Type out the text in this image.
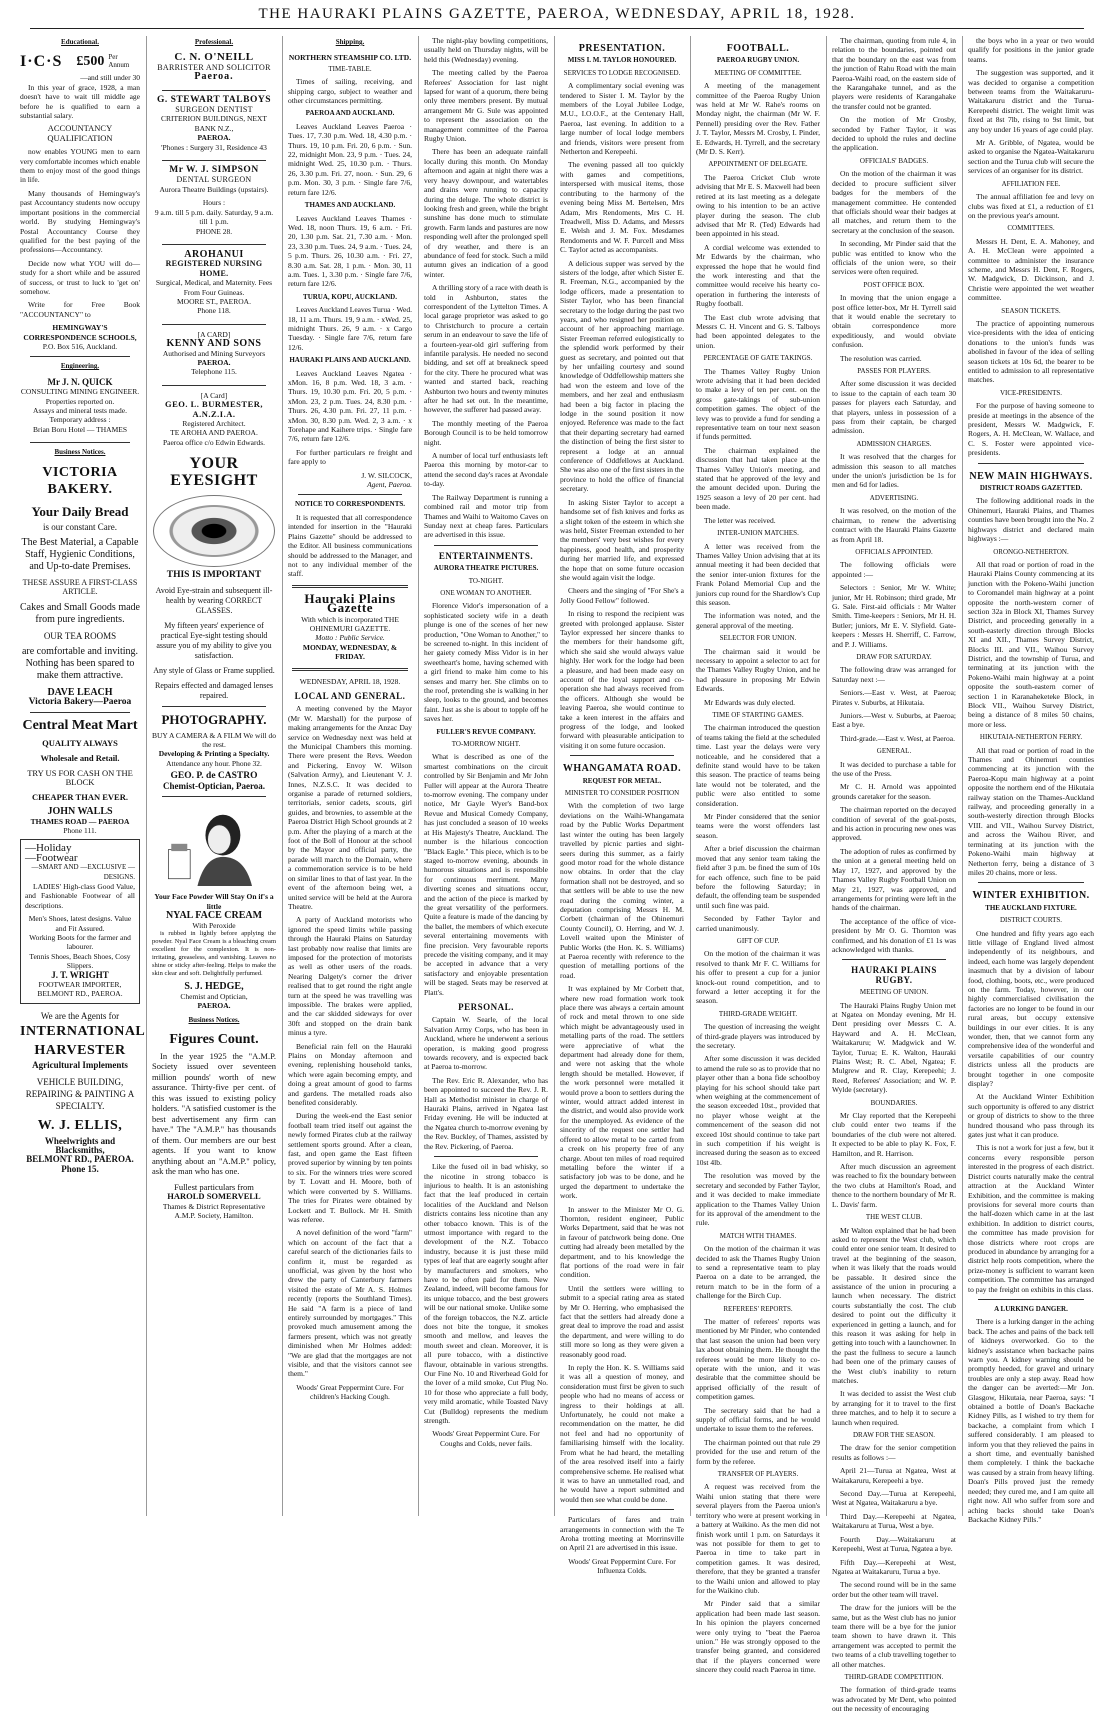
THE HAURAKI PLAINS GAZETTE, PAEROA, WEDNESDAY, APRIL 18, 1928.
Educational.
I·C·S £500 Per Annum
—and still under 30

In this year of grace, 1928, a man doesn't have to wait till middle age before he is qualified to earn a substantial salary.

ACCOUNTANCY QUALIFICATION

now enables YOUNG men to earn very comfortable incomes which enable them to enjoy most of the good things in life.

Many thousands of Hemingway's past Accountancy students now occupy important positions in the commercial world. By studying Hemingway's Postal Accountancy Course they qualified for the best paying of the professions—Accountancy.

Decide now what YOU will do—study for a short while and be assured of success, or trust to luck to 'get on' somehow.

Write for Free Book "ACCOUNTANCY" to

HEMINGWAY'S CORRESPONDENCE SCHOOLS,
P.O. Box 516, Auckland.
Engineering.
Mr J. N. QUICK
CONSULTING MINING ENGINEER.
Properties reported on.
Assays and mineral tests made.
Temporary address :
Brian Boru Hotel — THAMES
Business Notices.
VICTORIA BAKERY.
Your Daily Bread
is our constant Care.
The Best Material, a Capable Staff, Hygienic Conditions, and Up-to-date Premises.
THESE ASSURE A FIRST-CLASS ARTICLE.
Cakes and Small Goods made from pure ingredients.
OUR TEA ROOMS
are comfortable and inviting. Nothing has been spared to make them attractive.
DAVE LEACH
Victoria Bakery—Paeroa
Central Meat Mart
QUALITY ALWAYS
Wholesale and Retail.
TRY US FOR CASH ON THE BLOCK
CHEAPER THAN EVER.
JOHN WALLS
THAMES ROAD — PAEROA
Phone 111.
—Holiday
—Footwear
—SMART AND —EXCLUSIVE —DESIGNS.

LADIES' High-class Good Value, and Fashionable Footwear of all descriptions.

Men's Shoes, latest designs. Value and Fit Assured.
Working Boots for the farmer and labourer.
Tennis Shoes, Beach Shoes, Cosy Slippers.
J. T. WRIGHT
FOOTWEAR IMPORTER, BELMONT RD., PAEROA.
We are the Agents for
INTERNATIONAL
HARVESTER
Agricultural Implements
VEHICLE BUILDING, REPAIRING & PAINTING A SPECIALTY.
W. J. ELLIS,
Wheelwrights and Blacksmiths,
BELMONT RD., PAEROA.
Phone 15.
Professional.
C. N. O'NEILL
BARRISTER AND SOLICITOR
Paeroa.
G. STEWART TALBOYS
SURGEON DENTIST
CRITERION BUILDINGS, NEXT BANK N.Z.,
PAEROA.
'Phones : Surgery 31, Residence 43
Mr W. J. SIMPSON
DENTAL SURGEON
Aurora Theatre Buildings (upstairs).
Hours :
9 a.m. till 5 p.m. daily. Saturday, 9 a.m. till 1 p.m.
PHONE 28.
AROHANUI
REGISTERED NURSING HOME.
Surgical, Medical, and Maternity. Fees From Four Guineas.
MOORE ST., PAEROA.
Phone 118.
[A CARD]
KENNY AND SONS
Authorised and Mining Surveyors
PAEROA.
Telephone 115.
[A Card]
GEO. L. BURMESTER, A.N.Z.I.A.
Registered Architect.
TE AROHA AND PAEROA.
Paeroa office c/o Edwin Edwards.
YOUR EYESIGHT
THIS IS IMPORTANT
Avoid Eye-strain and subsequent ill-health by wearing CORRECT GLASSES.
My fifteen years' experience of practical Eye-sight testing should assure you of my ability to give you satisfaction.
Any style of Glass or Frame supplied.
Repairs effected and damaged lenses repaired.
PHOTOGRAPHY.
BUY A CAMERA & A FILM We will do the rest.
Developing & Printing a Specialty.
Attendance any hour. Phone 32.
GEO. P. de CASTRO
Chemist-Optician, Paeroa.
Your Face Powder Will Stay On if's a little
NYAL FACE CREAM
With Peroxide

is rubbed in lightly before applying the powder. Nyal Face Cream is a bleaching cream excellent for the complexion. It is non-irritating, greaseless, and vanishing. Leaves no shine or sticky after-feeling. Helps to make the skin clear and soft. Delightfully perfumed.

S. J. HEDGE,
Chemist and Optician,
PAEROA.
Business Notices.
Figures Count.

In the year 1925 the "A.M.P. Society issued over seventeen million pounds' worth of new assurance. Thirty-five per cent. of this was issued to existing policy holders. "A satisfied customer is the best advertisement any firm can have." The "A.M.P." has thousands of them. Our members are our best agents. If you want to know anything about an "A.M.P." policy, ask the man who has one.

Fullest particulars from
HAROLD SOMERVELL
Thames & District Representative A.M.P. Society, Hamilton.
Shipping.
NORTHERN STEAMSHIP CO. LTD.
TIME-TABLE.

Times of sailing, receiving, and shipping cargo, subject to weather and other circumstances permitting.

PAEROA AND AUCKLAND.

Leaves Auckland Leaves Paeroa · Tues. 17, 7.30 p.m. Wed. 18, 4.30 p.m. · Thurs. 19, 10 p.m. Fri. 20, 6 p.m. · Sun. 22, midnight Mon. 23, 9 p.m. · Tues. 24, midnight Wed. 25, 10.30 p.m. · Thurs. 26, 3.30 p.m. Fri. 27, noon. · Sun. 29, 6 p.m. Mon. 30, 3 p.m. · Single fare 7/6, return fare 12/6.

THAMES AND AUCKLAND.

Leaves Auckland Leaves Thames · Wed. 18, noon Thurs. 19, 6 a.m. · Fri. 20, 1.30 p.m. Sat. 21, 7.30 a.m. · Mon. 23, 3.30 p.m. Tues. 24, 9 a.m. · Tues. 24, 5 p.m. Thurs. 26, 10.30 a.m. · Fri. 27, 8.30 a.m. Sat. 28, 1 p.m. · Mon. 30, 11 a.m. Tues. 1, 3.30 p.m. · Single fare 7/6, return fare 12/6.

TURUA, KOPU, AUCKLAND.

Leaves Auckland Leaves Turua · Wed. 18, 11 a.m. Thurs. 19, 9 a.m. · xWed. 25, midnight Thurs. 26, 9 a.m. · x Cargo Tuesday. · Single fare 7/6, return fare 12/6.

HAURAKI PLAINS AND AUCKLAND.

Leaves Auckland Leaves Ngatea · xMon. 16, 8 p.m. Wed. 18, 3 a.m. · Thurs. 19, 10.30 p.m. Fri. 20, 5 p.m. · xMon. 23, 2 p.m. Tues. 24, 8.30 p.m. · Thurs. 26, 4.30 p.m. Fri. 27, 11 p.m. · xMon. 30, 8.30 p.m. Wed. 2, 3 a.m. · x Torehape and Kaihere trips. · Single fare 7/6, return fare 12/6.

For further particulars re freight and fare apply to

J. W. SILCOCK,
Agent, Paeroa.
NOTICE TO CORRESPONDENTS.

It is requested that all correspondence intended for insertion in the "Hauraki Plains Gazette" should be addressed to the Editor. All business communications should be addressed to the Manager, and not to any individual member of the staff.

Hauraki Plains Gazette
With which is incorporated THE OHINEMURI GAZETTE.
Motto : Public Service.
MONDAY, WEDNESDAY, & FRIDAY.
WEDNESDAY, APRIL 18, 1928.
LOCAL AND GENERAL.

A meeting convened by the Mayor (Mr W. Marshall) for the purpose of making arrangements for the Anzac Day service on Wednesday next was held at the Municipal Chambers this morning. There were present the Revs. Weedon and Pickering, Envoy W. Wilson (Salvation Army), and Lieutenant V. J. Innes, N.Z.S.C. It was decided to organise a parade of returned soldiers, territorials, senior cadets, scouts, girl guides, and brownies, to assemble at the Paeroa District High School grounds at 2 p.m. After the playing of a march at the foot of the Boll of Honour at the school by the Mayor and official party, the parade will march to the Domain, where a commemoration service is to be held on similar lines to that of last year. In the event of the afternoon being wet, a united service will be held at the Aurora Theatre.

A party of Auckland motorists who ignored the speed limits while passing through the Hauraki Plains on Saturday last probably now realise that limits are imposed for the protection of motorists as well as other users of the roads. Nearing Dalgety's corner the driver realised that to get round the right angle turn at the speed he was travelling was impossible. The brakes were applied, and the car skidded sideways for over 30ft and stopped on the drain bank minus a tyre.

Beneficial rain fell on the Hauraki Plains on Monday afternoon and evening, replenishing household tanks, which were again becoming empty, and doing a great amount of good to farms and gardens. The metalled roads also benefited considerably.

During the week-end the East senior football team tried itself out against the newly formed Pirates club at the railway settlement sports ground. After a clean, fast, and open game the East fifteen proved superior by winning by ten points to six. For the winners tries were scored by T. Lovatt and H. Moore, both of which were converted by S. Williams. The tries for Pirates were obtained by Lockett and T. Bullock. Mr H. Smith was referee.

A novel definition of the word "farm" which on account of the fact that a careful search of the dictionaries fails to confirm it, must be regarded as unofficial, was given by the host who drew the party of Canterbury farmers visited the estate of Mr A. S. Holmes recently (reports the Southland Times). He said "A farm is a piece of land entirely surrounded by mortgages." This provoked much amusement among the farmers present, which was not greatly diminished when Mr Holmes added: "We are glad that the mortgages are not visible, and that the visitors cannot see them."

Woods' Great Peppermint Cure. For children's Hacking Cough.

The night-play bowling competitions, usually held on Thursday nights, will be held this (Wednesday) evening.

The meeting called by the Paeroa Referees' Association for last night lapsed for want of a quorum, there being only three members present. By mutual arrangement Mr G. Sule was appointed to represent the association on the management committee of the Paeroa Rugby Union.

There has been an adequate rainfall locally during this month. On Monday afternoon and again at night there was a very heavy downpour, and watertables and drains were running to capacity during the deluge. The whole district is looking fresh and green, while the bright sunshine has done much to stimulate growth. Farm lands and pastures are now responding well after the prolonged spell of dry weather, and there is an abundance of feed for stock. Such a mild autumn gives an indication of a good winter.

A thrilling story of a race with death is told in Ashburton, states the correspondent of the Lyttelton Times. A local garage proprietor was asked to go to Christchurch to procure a certain serum in an endeavour to save the life of a fourteen-year-old girl suffering from infantile paralysis. He needed no second bidding, and set off at breakneck speed for the city. There he procured what was wanted and started back, reaching Ashburton two hours and twenty minutes after he had set out. In the meantime, however, the sufferer had passed away.

The monthly meeting of the Paeroa Borough Council is to be held tomorrow night.

A number of local turf enthusiasts left Paeroa this morning by motor-car to attend the second day's races at Avondale to-day.

The Railway Department is running a combined rail and motor trip from Thames and Waihi to Waitomo Caves on Sunday next at cheap fares. Particulars are advertised in this issue.

ENTERTAINMENTS.
AURORA THEATRE PICTURES.
TO-NIGHT.
ONE WOMAN TO ANOTHER.

Florence Vidor's impersonation of a sophisticated society wife in a death plunge is one of the scenes of her new production, "One Woman to Another," to be screened to-night. In this incident of her gaiety comedy Miss Vidor is in her sweetheart's home, having schemed with a girl friend to make him come to his senses and marry her. She climbs on to the roof, pretending she is walking in her sleep, looks to the ground, and becomes faint. Just as she is about to topple off he saves her.

FULLER'S REVUE COMPANY.
TO-MORROW NIGHT.

What is described as one of the smartest combinations on the circuit controlled by Sir Benjamin and Mr John Fuller will appear at the Aurora Theatre to-morrow evening. The company under notice, Mr Gayle Wyer's Band-box Revue and Musical Comedy Company, has just concluded a season of 10 weeks at His Majesty's Theatre, Auckland. The number is the hilarious concoction "Black Eagle." This piece, which is to be staged to-morrow evening, abounds in humorous situations and is responsible for continuous merriment. Many diverting scenes and situations occur, and the action of the piece is marked by the great versatility of the performers. Quite a feature is made of the dancing by the ballet, the members of which execute several entertaining movements with fine precision. Very favourable reports precede the visiting company, and it may be accepted in advance that a very satisfactory and enjoyable presentation will be staged. Seats may be reserved at Platt's.

PERSONAL.

Captain W. Searle, of the local Salvation Army Corps, who has been in Auckland, where he underwent a serious operation, is making good progress towards recovery, and is expected back at Paeroa to-morrow.

The Rev. Eric R. Alexander, who has been appointed to succeed the Rev. J. R. Hall as Methodist minister in charge of Hauraki Plains, arrived in Ngatea last Friday evening. He will be inducted at the Ngatea church to-morrow evening by the Rev. Buckley, of Thames, assisted by the Rev. Pickering, of Paeroa.

Like the fused oil in bad whisky, so the nicotine in strong tobacco is injurious to health. It is an astonishing fact that the leaf produced in certain localities of the Auckland and Nelson districts contains less nicotine than any other tobacco known. This is of the utmost importance with regard to the development of the N.Z. Tobacco industry, because it is just these mild types of leaf that are eagerly sought after by manufacturers and smokers, who have to be often paid for them. New Zealand, indeed, will become famous for its unique tobacco, and the best growers will be our national smoke. Unlike some of the foreign tobaccos, the N.Z. article does not bite the tongue, it smokes smooth and mellow, and leaves the mouth sweet and clean. Moreover, it is all pure tobacco, with a distinctive flavour, obtainable in various strengths. Our Fine No. 10 and Riverhead Gold for the lover of a mild smoke, Cut Plug No. 10 for those who appreciate a full body, very mild aromatic, while Toasted Navy Cut (Bulldog) represents the medium strength.

Woods' Great Peppermint Cure. For Coughs and Colds, never fails.
PRESENTATION.
MISS I. M. TAYLOR HONOURED.
SERVICES TO LODGE RECOGNISED.

A complimentary social evening was tendered to Sister I. M. Taylor by the members of the Loyal Jubilee Lodge, M.U., I.O.O.F., at the Centenary Hall, Paeroa, last evening. In addition to a large number of local lodge members and friends, visitors were present from Netherton and Kerepeehi.

The evening passed all too quickly with games and competitions, interspersed with musical items, those contributing to the harmony of the evening being Miss M. Bertelsen, Mrs Adam, Mrs Rendoments, Mrs C. H. Treadwell, Miss D. Adams, and Messrs E. Welsh and J. M. Fox. Mesdames Rendoments and W. F. Purcell and Miss C. Taylor acted as accompanists.

A delicious supper was served by the sisters of the lodge, after which Sister E. R. Freeman, N.G., accompanied by the lodge officers, made a presentation to Sister Taylor, who has been financial secretary to the lodge during the past two years, and who resigned her position on account of her approaching marriage. Sister Freeman referred eulogistically to the splendid work performed by their guest as secretary, and pointed out that by her unfailing courtesy and sound knowledge of Oddfellowship matters she had won the esteem and love of the members, and her zeal and enthusiasm had been a big factor in placing the lodge in the sound position it now enjoyed. Reference was made to the fact that their departing secretary had earned the distinction of being the first sister to represent a lodge at an annual conference of Oddfellows at Auckland. She was also one of the first sisters in the province to hold the office of financial secretary.

In asking Sister Taylor to accept a handsome set of fish knives and forks as a slight token of the esteem in which she was held, Sister Freeman extended to her the members' very best wishes for every happiness, good health, and prosperity during her married life, and expressed the hope that on some future occasion she would again visit the lodge.

Cheers and the singing of "For She's a Jolly Good Fellow" followed.

In rising to respond the recipient was greeted with prolonged applause. Sister Taylor expressed her sincere thanks to the members for their handsome gift, which she said she would always value highly. Her work for the lodge had been a pleasure, and had been made easy on account of the loyal support and co-operation she had always received from the officers. Although she would be leaving Paeroa, she would continue to take a keen interest in the affairs and progress of the lodge, and looked forward with pleasurable anticipation to visiting it on some future occasion.

WHANGAMATA ROAD.
REQUEST FOR METAL.
MINISTER TO CONSIDER POSITION

With the completion of two large deviations on the Waihi-Whangamata road by the Public Works Department last winter the outing has been largely travelled by picnic parties and sight-seers during this summer, as a fairly good motor road for the whole distance now obtains. In order that the clay formation shall not be destroyed, and so that settlers will be able to use the new road during the coming winter, a deputation comprising Messrs H. M. Corbett (chairman of the Ohinemuri County Council), O. Herring, and W. J. Lovell waited upon the Minister of Public Works (the Hon. K. S. Williams) at Paeroa recently with reference to the question of metalling portions of the road.

It was explained by Mr Corbett that, where new road formation work took place there was always a certain amount of rock and metal thrown to one side which might be advantageously used in metalling parts of the road. The settlers were appreciative of what the department had already done for them, and were not asking that the whole length should be metalled. However, if the work personnel were metalled it would prove a boon to settlers during the winter, would attract added interest in the district, and would also provide work for the unemployed. As evidence of the sincerity of the request one settler had offered to allow metal to be carted from a creek on his property free of any charge. About ten miles of road required metalling before the winter if a satisfactory job was to be done, and he urged the department to undertake the work.

In answer to the Minister Mr O. G. Thornton, resident engineer, Public Works Department, said that he was not in favour of patchwork being done. One cutting had already been metalled by the department, and to his knowledge the flat portions of the road were in fair condition.

Until the settlers were willing to submit to a special rating area as stated by Mr O. Herring, who emphasised the fact that the settlers had already done a great deal to improve the road and assist the department, and were willing to do still more so long as they were given a reasonably good road.

In reply the Hon. K. S. Williams said it was all a question of money, and consideration must first be given to such people who had no means of access or ingress to their holdings at all. Unfortunately, he could not make a recommendation on the matter, he did not feel and had no opportunity of familiarising himself with the locality. From what he had heard, the metalling of the area resolved itself into a fairly comprehensive scheme. He realised what it was to have an unmetalled road, and he would have a report submitted and would then see what could be done.

Particulars of fares and train arrangements in connection with the Te Aroha trotting meeting at Morrinsville on April 21 are advertised in this issue.

Woods' Great Peppermint Cure. For Influenza Colds.
FOOTBALL.
PAEROA RUGBY UNION.
MEETING OF COMMITTEE.

A meeting of the management committee of the Paeroa Rugby Union was held at Mr W. Rahe's rooms on Monday night, the chairman (Mr W. F. Pennell) presiding over the Rev. Father J. T. Taylor, Messrs M. Crosby, I. Pinder, E. Edwards, H. Tyrrell, and the secretary (Mr D. S. Kerr).

APPOINTMENT OF DELEGATE.

The Paeroa Cricket Club wrote advising that Mr E. S. Maxwell had been retired at its last meeting as a delegate owing to his intention to be an active player during the season. The club advised that Mr R. (Ted) Edwards had been appointed in his stead.

A cordial welcome was extended to Mr Edwards by the chairman, who expressed the hope that he would find the work interesting and that the committee would receive his hearty co-operation in furthering the interests of Rugby football.

The East club wrote advising that Messrs C. H. Vincent and G. S. Talboys had been appointed delegates to the union.

PERCENTAGE OF GATE TAKINGS.

The Thames Valley Rugby Union wrote advising that it had been decided to make a levy of ten per cent. on the gross gate-takings of sub-union competition games. The object of the levy was to provide a fund for sending a representative team on tour next season if funds permitted.

The chairman explained the discussion that had taken place at the Thames Valley Union's meeting, and stated that he approved of the levy and the amount decided upon. During the 1925 season a levy of 20 per cent. had been made.

The letter was received.

INTER-UNION MATCHES.

A letter was received from the Thames Valley Union advising that at its annual meeting it had been decided that the senior inter-union fixtures for the Frank Poland Memorial Cup and the juniors cup round for the Shardlow's Cup this season.

The information was noted, and the general approval of the meeting.

SELECTOR FOR UNION.

The chairman said it would be necessary to appoint a selector to act for the Thames Valley Rugby Union, and he had pleasure in proposing Mr Edwin Edwards.

Mr Edwards was duly elected.

TIME OF STARTING GAMES.

The chairman introduced the question of teams taking the field at the scheduled time. Last year the delays were very noticeable, and he considered that a definite stand would have to be taken this season. The practice of teams being late would not be tolerated, and the public were also entitled to some consideration.

Mr Pinder considered that the senior teams were the worst offenders last season.

After a brief discussion the chairman moved that any senior team taking the field after 3 p.m. be fined the sum of 10s for each offence, such fine to be paid before the following Saturday; in default, the offending team be suspended until such fine was paid.

Seconded by Father Taylor and carried unanimously.

GIFT OF CUP.

On the motion of the chairman it was resolved to thank Mr F. C. Williams for his offer to present a cup for a junior knock-out round competition, and to forward a letter accepting it for the season.

THIRD-GRADE WEIGHT.

The question of increasing the weight of third-grade players was introduced by the secretary.

After some discussion it was decided to amend the rule so as to provide that no player other than a bona fide schoolboy playing for his school should take part when weighing at the commencement of the season exceeded 10st., provided that no player whose weight at the commencement of the season did not exceed 10st should continue to take part in such competition if his weight is increased during the season as to exceed 10st 4lb.

The resolution was moved by the secretary and seconded by Father Taylor, and it was decided to make immediate application to the Thames Valley Union for its approval of the amendment to the rule.

MATCH WITH THAMES.

On the motion of the chairman it was decided to ask the Thames Rugby Union to send a representative team to play Paeroa on a date to be arranged, the return match to be in the form of a challenge for the Birch Cup.

REFEREES' REPORTS.

The matter of referees' reports was mentioned by Mr Pinder, who contended that last season the union had been very lax about obtaining them. He thought the referees would be more likely to co-operate with the union, and it was desirable that the committee should be apprised officially of the result of competition games.

The secretary said that he had a supply of official forms, and he would undertake to issue them to the referees.

The chairman pointed out that rule 29 provided for the use and return of the form by the referee.

TRANSFER OF PLAYERS.

A request was received from the Waihi union stating that there were several players from the Paeroa union's territory who were at present working in a battery at Waikino. As the men did not finish work until 1 p.m. on Saturdays it was not possible for them to get to Paeroa in time to take part in competition games. It was desired, therefore, that they be granted a transfer to the Waihi union and allowed to play for the Waikino club.

Mr Pinder said that a similar application had been made last season. In his opinion the players concerned were only trying to "beat the Paeroa union." He was strongly opposed to the transfer being granted, and considered that if the players concerned were sincere they could reach Paeroa in time.

The chairman, quoting from rule 4, in relation to the boundaries, pointed out that the boundary on the east was from the junction of Rahu Road with the main Paeroa-Waihi road, on the eastern side of the Karangahake tunnel, and as the players were residents of Karangahake the transfer could not be granted.

On the motion of Mr Crosby, seconded by Father Taylor, it was decided to uphold the rules and decline the application.

OFFICIALS' BADGES.

On the motion of the chairman it was decided to procure sufficient silver badges for the members of the management committee. He contended that officials should wear their badges at all matches, and return them to the secretary at the conclusion of the season.

In seconding, Mr Pinder said that the public was entitled to know who the officials of the union were, so their services were often required.

POST OFFICE BOX.

In moving that the union engage a post office letter-box, Mr H. Tyrrell said that it would enable the secretary to obtain correspondence more expeditiously, and would obviate confusion.

The resolution was carried.

PASSES FOR PLAYERS.

After some discussion it was decided to issue to the captain of each team 30 passes for players each Saturday, and that players, unless in possession of a pass from their captain, be charged admission.

ADMISSION CHARGES.

It was resolved that the charges for admission this season to all matches under the union's jurisdiction be 1s for men and 6d for ladies.

ADVERTISING.

It was resolved, on the motion of the chairman, to renew the advertising contract with the Hauraki Plains Gazette as from April 18.

OFFICIALS APPOINTED.

The following officials were appointed :—

Selectors : Senior, Mr W. White; junior, Mr H. Robinson; third grade, Mr G. Sale. First-aid officials : Mr Walter Smith. Time-keepers : Seniors, Mr H. H. Butler; juniors, Mr E. V. Slyfield. Gate-keepers : Messrs H. Sherriff, C. Farrow, and P. J. Williams.

DRAW FOR SATURDAY.

The following draw was arranged for Saturday next :—

Seniors.—East v. West, at Paeroa; Pirates v. Suburbs, at Hikutaia.

Juniors.—West v. Suburbs, at Paeroa; East a bye.

Third-grade.—East v. West, at Paeroa.

GENERAL.

It was decided to purchase a table for the use of the Press.

Mr C. H. Arnold was appointed grounds caretaker for the season.

The chairman reported on the decayed condition of several of the goal-posts, and his action in procuring new ones was approved.

The adoption of rules as confirmed by the union at a general meeting held on May 17, 1927, and approved by the Thames Valley Rugby Football Union on May 21, 1927, was approved, and arrangements for printing were left in the hands of the chairman.

The acceptance of the office of vice-president by Mr O. G. Thornton was confirmed, and his donation of £1 1s was acknowledged with thanks.

HAURAKI PLAINS RUGBY.
MEETING OF UNION.

The Hauraki Plains Rugby Union met at Ngatea on Monday evening, Mr H. Dent presiding over Messrs C. A. Hayward and A. H. McClean, Waitakaruru; W. Madgwick and W. Taylor, Turua; E. K. Walton, Hauraki Plains West; R. C. Abel, Ngatea; F. Mulgrew and R. Clay, Kerepeehi; J. Reed, Referees' Association; and W. P. Wylde (secretary).

BOUNDARIES.

Mr Clay reported that the Kerepeehi club could enter two teams if the boundaries of the club were not altered. It expected to be able to play K. Fox, F. Hamilton, and R. Harrison.

After much discussion an agreement was reached to fix the boundary between the two clubs at Hamilton's Road, and thence to the northern boundary of Mr R. L. Davis' farm.

THE WEST CLUB.

Mr Walton explained that he had been asked to represent the West club, which could enter one senior team. It desired to travel at the beginning of the season, when it was likely that the roads would be passable. It desired since the assistance of the union in procuring a launch when necessary. The district courts substantially the cost. The club desired to point out the difficulty it experienced in getting a launch, and for this reason it was asking for help in getting into touch with a launchowner. In the past the fullness to secure a launch had been one of the primary causes of the West club's inability to return matches.

It was decided to assist the West club by arranging for it to travel to the first three matches, and to help it to secure a launch when required.

DRAW FOR THE SEASON.

The draw for the senior competition results as follows :—

April 21—Turua at Ngatea, West at Waitakaruru, Kerepeehi a bye.

Second Day.—Turua at Kerepeehi, West at Ngatea, Waitakaruru a bye.

Third Day.—Kerepeehi at Ngatea, Waitakaruru at Turua, West a bye.

Fourth Day.—Waitakaruru at Kerepeehi, West at Turua, Ngatea a bye.

Fifth Day.—Kerepeehi at West, Ngatea at Waitakaruru, Turua a bye.

The second round will be in the same order but the other team will travel.

The draw for the juniors will be the same, but as the West club has no junior team there will be a bye for the junior team shown to have drawn it. This arrangement was accepted to permit the two teams of a club travelling together to all other matches.

THIRD-GRADE COMPETITION.

The formation of third-grade teams was advocated by Mr Dent, who pointed out the necessity of encouraging

the boys who in a year or two would qualify for positions in the junior grade teams.

The suggestion was supported, and it was decided to organise a competition between teams from the Waitakaruru-Waitakaruru district and the Turua-Kerepeehi district. The weight limit was fixed at 8st 7lb, rising to 9st limit, but any boy under 16 years of age could play.

Mr A. Gribble, of Ngatea, would be asked to organise the Ngatea-Waitakaruru section and the Turua club will secure the services of an organiser for its district.

AFFILIATION FEE.

The annual affiliation fee and levy on clubs was fixed at £1, a reduction of £1 on the previous year's amount.

COMMITTEES.

Messrs H. Dent, E. A. Mahoney, and A. H. McClean were appointed a committee to administer the insurance scheme, and Messrs H. Dent, F. Rogers, W. Madgwick, D. Dickinson, and J. Christie were appointed the wet weather committee.

SEASON TICKETS.

The practice of appointing numerous vice-presidents with the idea of enticing donations to the union's funds was abolished in favour of the idea of selling season tickets at 10s 6d, the bearer to be entitled to admission to all representative matches.

VICE-PRESIDENTS.

For the purpose of having someone to preside at meetings in the absence of the president, Messrs W. Madgwick, F. Rogers, A. H. McClean, W. Wallace, and C. S. Foster were appointed vice-presidents.

NEW MAIN HIGHWAYS.
DISTRICT ROADS GAZETTED.

The following additional roads in the Ohinemuri, Hauraki Plains, and Thames counties have been brought into the No. 2 highways district and declared main highways :—

ORONGO-NETHERTON.

All that road or portion of road in the Hauraki Plains County commencing at its junction with the Pokeno-Waihi junction to Coromandel main highway at a point opposite the north-western corner of section 32a in Block XI, Thames Survey District, and proceeding generally in a south-easterly direction through Blocks XI and XII., Thames Survey District, Blocks III. and VII., Waihou Survey District, and the township of Turua, and terminating at its junction with the Pokeno-Waihi main highway at a point opposite the south-eastern corner of section 1 in Karanaheketeke Block, in Block VII., Waihou Survey District, being a distance of 8 miles 50 chains, more or less.

HIKUTAIA-NETHERTON FERRY.

All that road or portion of road in the Thames and Ohinemuri counties commencing at its junction with the Paeroa-Kopu main highway at a point opposite the northern end of the Hikutaia railway station on the Thames-Auckland railway, and proceeding generally in a south-westerly direction through Blocks VIII. and VII., Waihou Survey District, and across the Waihou River, and terminating at its junction with the Pokeno-Waihi main highway at Netherton ferry, being a distance of 3 miles 20 chains, more or less.

WINTER EXHIBITION.
THE AUCKLAND FIXTURE.
DISTRICT COURTS.

One hundred and fifty years ago each little village of England lived almost independently of its neighbours, and indeed, each home was largely dependent inasmuch that by a division of labour food, clothing, boots, etc., were produced on the farm. Today, however, in our highly commercialised civilisation the factories are no longer to be found in our rural areas, but occupy extensive buildings in our ever cities. It is any wonder, then, that we cannot form any comprehensive idea of the wonderful and versatile capabilities of our country districts unless all the products are brought together in one composite display?

At the Auckland Winter Exhibition such opportunity is offered to any district or group of districts to show to the three hundred thousand who pass through its gates just what it can produce.

This is not a work for just a few, but it concerns every responsible person interested in the progress of each district. District courts naturally make the central attraction at the Auckland Winter Exhibition, and the committee is making provisions for several more courts than the half-dozen which came in at the last exhibition. In addition to district courts, the committee has made provision for those districts where root crops are produced in abundance by arranging for a district help roots competition, where the prize-money is sufficient to warrant keen competition. The committee has arranged to pay the freight on exhibits in this class.

A LURKING DANGER.

There is a lurking danger in the aching back. The aches and pains of the back tell of kidneys overworked. Go to the kidney's assistance when backache pains warn you. A kidney warning should be promptly heeded, for gravel and urinary troubles are only a step away. Read how the danger can be averted:—Mr Jon. Glasgow, Hikutaia, near Paeroa, says: "I obtained a bottle of Doan's Backache Kidney Pills, as I wished to try them for backache, a complaint from which I suffered considerably. I am pleased to inform you that they relieved the pains in a short time, and eventually banished them completely. I think the backache was caused by a strain from heavy lifting. Doan's Pills proved just the remedy needed; they cured me, and I am quite all right now. All who suffer from sore and aching backs should take Doan's Backache Kidney Pills."
